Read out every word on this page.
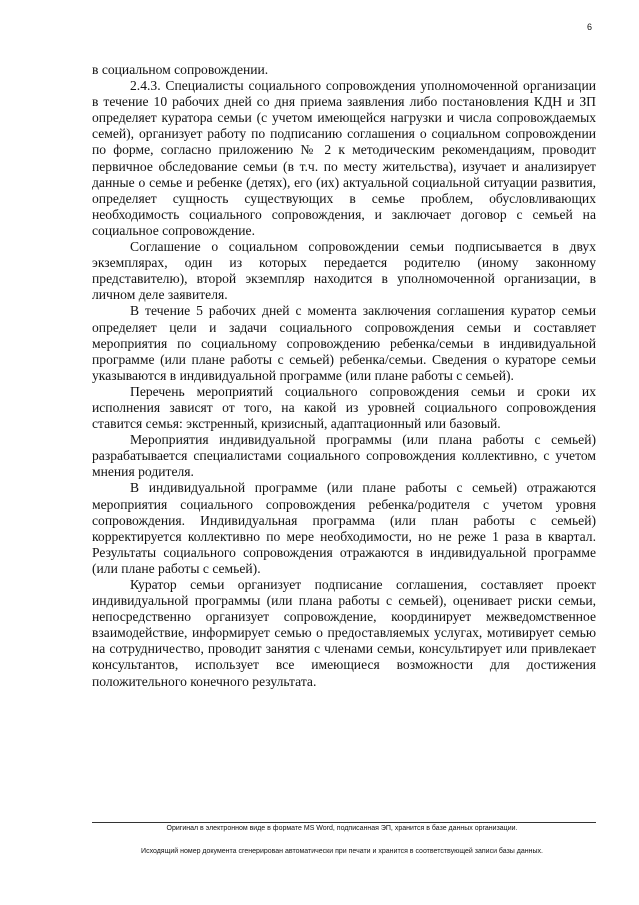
6

в социальном сопровождении.

2.4.3. Специалисты социального сопровождения уполномоченной организации в течение 10 рабочих дней со дня приема заявления либо постановления КДН и ЗП определяет куратора семьи (с учетом имеющейся нагрузки и числа сопровождаемых семей), организует работу по подписанию соглашения о социальном сопровождении по форме, согласно приложению № 2 к методическим рекомендациям, проводит первичное обследование семьи (в т.ч. по месту жительства), изучает и анализирует данные о семье и ребенке (детях), его (их) актуальной социальной ситуации развития, определяет сущность существующих в семье проблем, обусловливающих необходимость социального сопровождения, и заключает договор с семьей на социальное сопровождение.

Соглашение о социальном сопровождении семьи подписывается в двух экземплярах, один из которых передается родителю (иному законному представителю), второй экземпляр находится в уполномоченной организации, в личном деле заявителя.

В течение 5 рабочих дней с момента заключения соглашения куратор семьи определяет цели и задачи социального сопровождения семьи и составляет мероприятия по социальному сопровождению ребенка/семьи в индивидуальной программе (или плане работы с семьей) ребенка/семьи. Сведения о кураторе семьи указываются в индивидуальной программе (или плане работы с семьей).

Перечень мероприятий социального сопровождения семьи и сроки их исполнения зависят от того, на какой из уровней социального сопровождения ставится семья: экстренный, кризисный, адаптационный или базовый.

Мероприятия индивидуальной программы (или плана работы с семьей) разрабатывается специалистами социального сопровождения коллективно, с учетом мнения родителя.

В индивидуальной программе (или плане работы с семьей) отражаются мероприятия социального сопровождения ребенка/родителя с учетом уровня сопровождения. Индивидуальная программа (или план работы с семьей) корректируется коллективно по мере необходимости, но не реже 1 раза в квартал. Результаты социального сопровождения отражаются в индивидуальной программе (или плане работы с семьей).

Куратор семьи организует подписание соглашения, составляет проект индивидуальной программы (или плана работы с семьей), оценивает риски семьи, непосредственно организует сопровождение, координирует межведомственное взаимодействие, информирует семью о предоставляемых услугах, мотивирует семью на сотрудничество, проводит занятия с членами семьи, консультирует или привлекает консультантов, использует все имеющиеся возможности для достижения положительного конечного результата.

Оригинал в электронном виде в формате MS Word, подписанная ЭП, хранится в базе данных организации.
Исходящий номер документа сгенерирован автоматически при печати и хранится в соответствующей записи базы данных.
